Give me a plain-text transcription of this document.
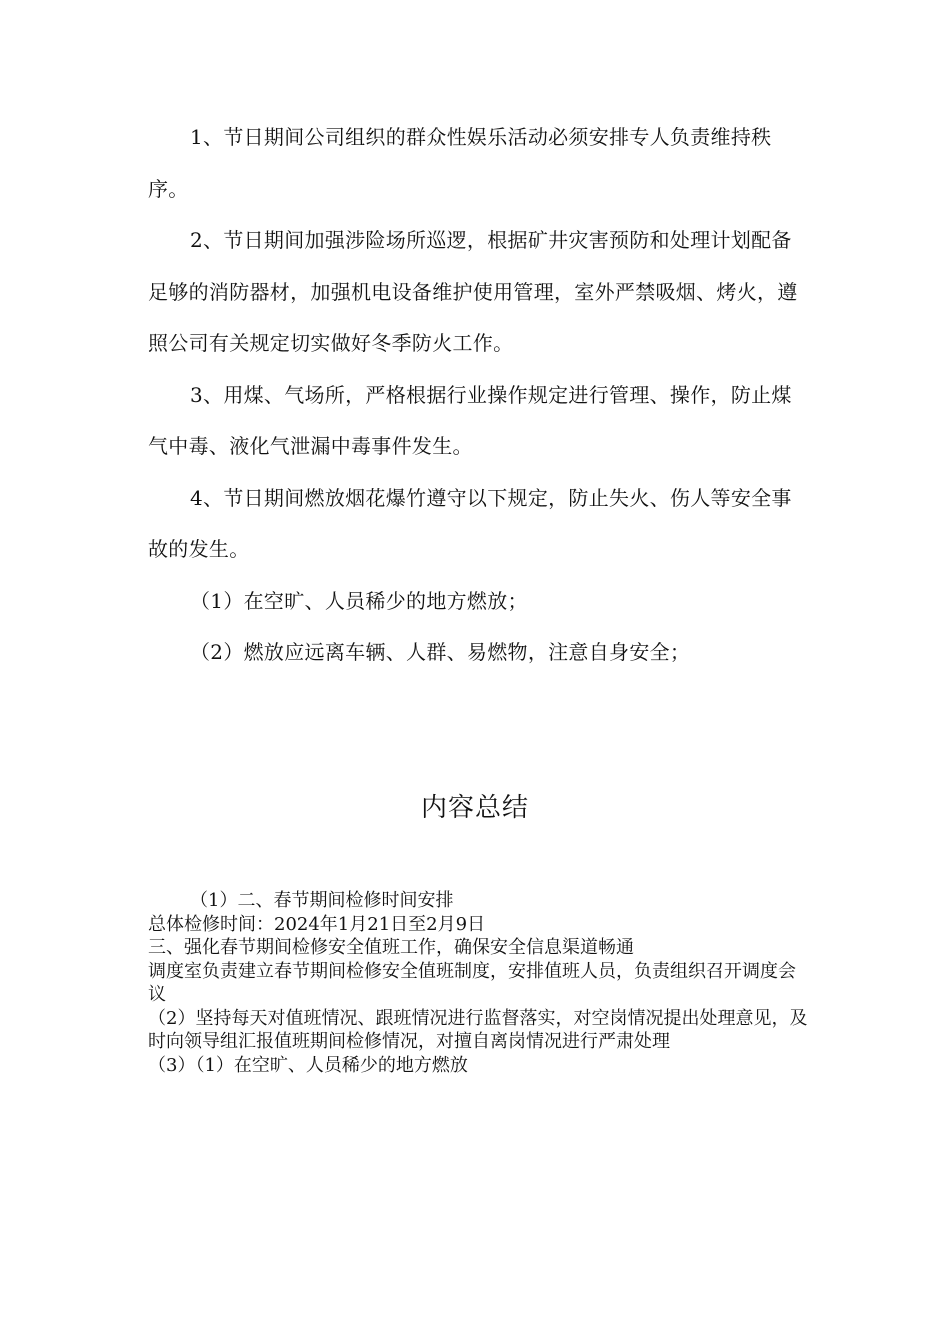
1、节日期间公司组织的群众性娱乐活动必须安排专人负责维持秩序。

2、节日期间加强涉险场所巡逻，根据矿井灾害预防和处理计划配备足够的消防器材，加强机电设备维护使用管理，室外严禁吸烟、烤火，遵照公司有关规定切实做好冬季防火工作。

3、用煤、气场所，严格根据行业操作规定进行管理、操作，防止煤气中毒、液化气泄漏中毒事件发生。

4、节日期间燃放烟花爆竹遵守以下规定，防止失火、伤人等安全事故的发生。

（1）在空旷、人员稀少的地方燃放；

（2）燃放应远离车辆、人群、易燃物，注意自身安全；

内容总结

（1）二、春节期间检修时间安排

总体检修时间：2024年1月21日至2月9日

三、强化春节期间检修安全值班工作，确保安全信息渠道畅通

调度室负责建立春节期间检修安全值班制度，安排值班人员，负责组织召开调度会议

（2）坚持每天对值班情况、跟班情况进行监督落实，对空岗情况提出处理意见，及时向领导组汇报值班期间检修情况，对擅自离岗情况进行严肃处理

（3）（1）在空旷、人员稀少的地方燃放
